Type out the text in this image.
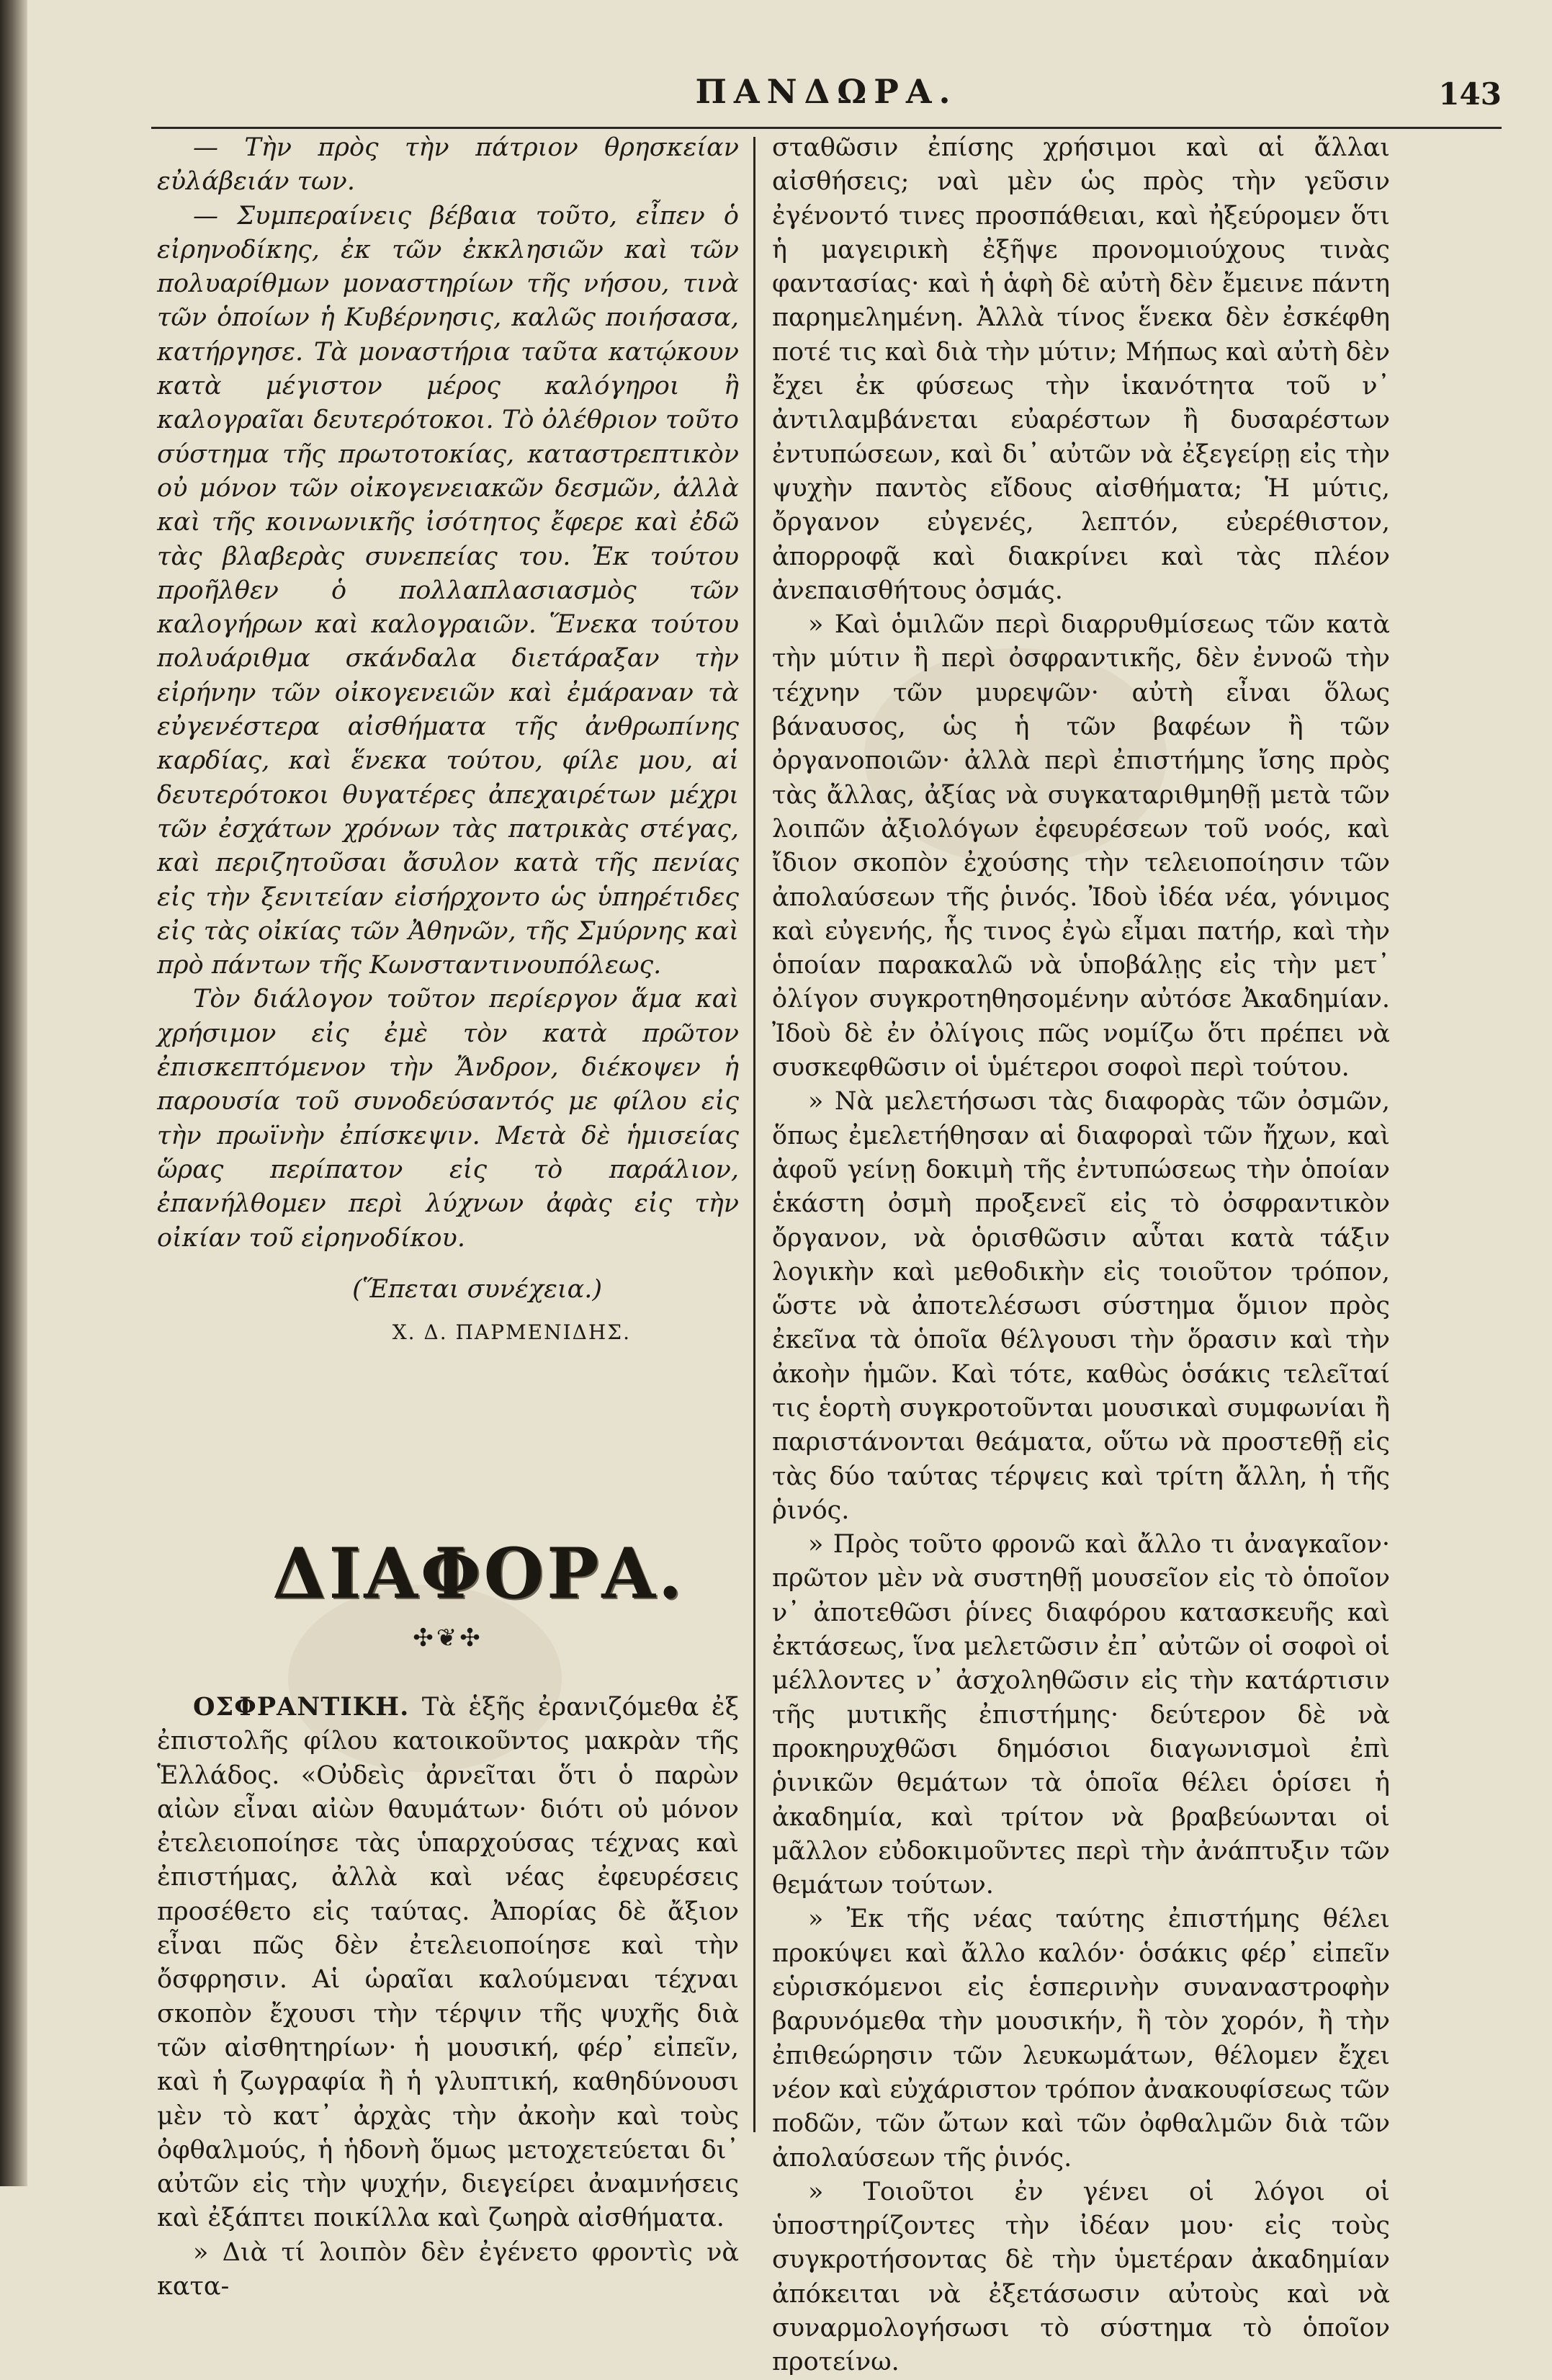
ΠΑΝΔΩΡΑ.	143

— Τὴν πρὸς τὴν πάτριον θρησκείαν εὐλάβειάν των.

— Συμπεραίνεις βέβαια τοῦτο, εἶπεν ὁ εἰρηνοδίκης, ἐκ τῶν ἐκκλησιῶν καὶ τῶν πολυαρίθμων μοναστηρίων τῆς νήσου, τινὰ τῶν ὁποίων ἡ Κυβέρνησις, καλῶς ποιήσασα, κατήργησε. Τὰ μοναστήρια ταῦτα κατῴκουν κατὰ μέγιστον μέρος καλόγηροι ἢ καλογραῖαι δευτερότοκοι. Τὸ ὀλέθριον τοῦτο σύστημα τῆς πρωτοτοκίας, καταστρεπτικὸν οὐ μόνον τῶν οἰκογενειακῶν δεσμῶν, ἀλλὰ καὶ τῆς κοινωνικῆς ἰσότητος ἔφερε καὶ ἐδῶ τὰς βλαβερὰς συνεπείας του. Ἐκ τούτου προῆλθεν ὁ πολλαπλασιασμὸς τῶν καλογήρων καὶ καλογραιῶν. Ἕνεκα τούτου πολυάριθμα σκάνδαλα διετάραξαν τὴν εἰρήνην τῶν οἰκογενειῶν καὶ ἐμάραναν τὰ εὐγενέστερα αἰσθήματα τῆς ἀνθρωπίνης καρδίας, καὶ ἕνεκα τούτου, φίλε μου, αἱ δευτερότοκοι θυγατέρες ἀπεχαιρέτων μέχρι τῶν ἐσχάτων χρόνων τὰς πατρικὰς στέγας, καὶ περιζητοῦσαι ἄσυλον κατὰ τῆς πενίας εἰς τὴν ξενιτείαν εἰσήρχοντο ὡς ὑπηρέτιδες εἰς τὰς οἰκίας τῶν Ἀθηνῶν, τῆς Σμύρνης καὶ πρὸ πάντων τῆς Κωνσταντινουπόλεως.

Τὸν διάλογον τοῦτον περίεργον ἅμα καὶ χρήσιμον εἰς ἐμὲ τὸν κατὰ πρῶτον ἐπισκεπτόμενον τὴν Ἄνδρον, διέκοψεν ἡ παρουσία τοῦ συνοδεύσαντός με φίλου εἰς τὴν πρωϊνὴν ἐπίσκεψιν. Μετὰ δὲ ἡμισείας ὥρας περίπατον εἰς τὸ παράλιον, ἐπανήλθομεν περὶ λύχνων ἀφὰς εἰς τὴν οἰκίαν τοῦ εἰρηνοδίκου.

(Ἕπεται συνέχεια.)

Χ. Δ. ΠΑΡΜΕΝΙΔΗΣ.

ΔΙΑΦΟΡΑ.

✣❦✣

ΟΣΦΡΑΝΤΙΚΗ. Τὰ ἑξῆς ἐρανιζόμεθα ἐξ ἐπιστολῆς φίλου κατοικοῦντος μακρὰν τῆς Ἑλλάδος. «Οὐδεὶς ἀρνεῖται ὅτι ὁ παρὼν αἰὼν εἶναι αἰὼν θαυμάτων· διότι οὐ μόνον ἐτελειοποίησε τὰς ὑπαρχούσας τέχνας καὶ ἐπιστήμας, ἀλλὰ καὶ νέας ἐφευρέσεις προσέθετο εἰς ταύτας. Ἀπορίας δὲ ἄξιον εἶναι πῶς δὲν ἐτελειοποίησε καὶ τὴν ὄσφρησιν. Αἱ ὡραῖαι καλούμεναι τέχναι σκοπὸν ἔχουσι τὴν τέρψιν τῆς ψυχῆς διὰ τῶν αἰσθητηρίων· ἡ μουσική, φέρ᾽ εἰπεῖν, καὶ ἡ ζωγραφία ἢ ἡ γλυπτική, καθηδύνουσι μὲν τὸ κατ᾽ ἀρχὰς τὴν ἀκοὴν καὶ τοὺς ὀφθαλμούς, ἡ ἡδονὴ ὅμως μετοχετεύεται δι᾽ αὐτῶν εἰς τὴν ψυχήν, διεγείρει ἀναμνήσεις καὶ ἐξάπτει ποικίλλα καὶ ζωηρὰ αἰσθήματα.

» Διὰ τί λοιπὸν δὲν ἐγένετο φροντὶς νὰ κατα-

σταθῶσιν ἐπίσης χρήσιμοι καὶ αἱ ἄλλαι αἰσθήσεις; ναὶ μὲν ὡς πρὸς τὴν γεῦσιν ἐγένοντό τινες προσπάθειαι, καὶ ἠξεύρομεν ὅτι ἡ μαγειρικὴ ἐξῆψε προνομιούχους τινὰς φαντασίας· καὶ ἡ ἁφὴ δὲ αὐτὴ δὲν ἔμεινε πάντη παρημελημένη. Ἀλλὰ τίνος ἕνεκα δὲν ἐσκέφθη ποτέ τις καὶ διὰ τὴν μύτιν; Μήπως καὶ αὐτὴ δὲν ἔχει ἐκ φύσεως τὴν ἱκανότητα τοῦ ν᾽ ἀντιλαμβάνεται εὐαρέστων ἢ δυσαρέστων ἐντυπώσεων, καὶ δι᾽ αὐτῶν νὰ ἐξεγείρῃ εἰς τὴν ψυχὴν παντὸς εἴδους αἰσθήματα; Ἡ μύτις, ὄργανον εὐγενές, λεπτόν, εὐερέθιστον, ἀπορροφᾷ καὶ διακρίνει καὶ τὰς πλέον ἀνεπαισθήτους ὀσμάς.

» Καὶ ὁμιλῶν περὶ διαρρυθμίσεως τῶν κατὰ τὴν μύτιν ἢ περὶ ὀσφραντικῆς, δὲν ἐννοῶ τὴν τέχνην τῶν μυρεψῶν· αὐτὴ εἶναι ὅλως βάναυσος, ὡς ἡ τῶν βαφέων ἢ τῶν ὀργανοποιῶν· ἀλλὰ περὶ ἐπιστήμης ἴσης πρὸς τὰς ἄλλας, ἀξίας νὰ συγκαταριθμηθῇ μετὰ τῶν λοιπῶν ἀξιολόγων ἐφευρέσεων τοῦ νοός, καὶ ἴδιον σκοπὸν ἐχούσης τὴν τελειοποίησιν τῶν ἀπολαύσεων τῆς ῥινός. Ἰδοὺ ἰδέα νέα, γόνιμος καὶ εὐγενής, ἧς τινος ἐγὼ εἶμαι πατήρ, καὶ τὴν ὁποίαν παρακαλῶ νὰ ὑποβάλῃς εἰς τὴν μετ᾽ ὀλίγον συγκροτηθησομένην αὐτόσε Ἀκαδημίαν. Ἰδοὺ δὲ ἐν ὀλίγοις πῶς νομίζω ὅτι πρέπει νὰ συσκεφθῶσιν οἱ ὑμέτεροι σοφοὶ περὶ τούτου.

» Νὰ μελετήσωσι τὰς διαφορὰς τῶν ὀσμῶν, ὅπως ἐμελετήθησαν αἱ διαφοραὶ τῶν ἤχων, καὶ ἀφοῦ γείνῃ δοκιμὴ τῆς ἐντυπώσεως τὴν ὁποίαν ἑκάστη ὀσμὴ προξενεῖ εἰς τὸ ὀσφραντικὸν ὄργανον, νὰ ὁρισθῶσιν αὗται κατὰ τάξιν λογικὴν καὶ μεθοδικὴν εἰς τοιοῦτον τρόπον, ὥστε νὰ ἀποτελέσωσι σύστημα ὅμιον πρὸς ἐκεῖνα τὰ ὁποῖα θέλγουσι τὴν ὅρασιν καὶ τὴν ἀκοὴν ἡμῶν. Καὶ τότε, καθὼς ὁσάκις τελεῖταί τις ἑορτὴ συγκροτοῦνται μουσικαὶ συμφωνίαι ἢ παριστάνονται θεάματα, οὕτω νὰ προστεθῇ εἰς τὰς δύο ταύτας τέρψεις καὶ τρίτη ἄλλη, ἡ τῆς ῥινός.

» Πρὸς τοῦτο φρονῶ καὶ ἄλλο τι ἀναγκαῖον· πρῶτον μὲν νὰ συστηθῇ μουσεῖον εἰς τὸ ὁποῖον ν᾽ ἀποτεθῶσι ῥίνες διαφόρου κατασκευῆς καὶ ἐκτάσεως, ἵνα μελετῶσιν ἐπ᾽ αὐτῶν οἱ σοφοὶ οἱ μέλλοντες ν᾽ ἀσχοληθῶσιν εἰς τὴν κατάρτισιν τῆς μυτικῆς ἐπιστήμης· δεύτερον δὲ νὰ προκηρυχθῶσι δημόσιοι διαγωνισμοὶ ἐπὶ ῥινικῶν θεμάτων τὰ ὁποῖα θέλει ὁρίσει ἡ ἀκαδημία, καὶ τρίτον νὰ βραβεύωνται οἱ μᾶλλον εὐδοκιμοῦντες περὶ τὴν ἀνάπτυξιν τῶν θεμάτων τούτων.

» Ἐκ τῆς νέας ταύτης ἐπιστήμης θέλει προκύψει καὶ ἄλλο καλόν· ὁσάκις φέρ᾽ εἰπεῖν εὑρισκόμενοι εἰς ἑσπερινὴν συναναστροφὴν βαρυνόμεθα τὴν μουσικήν, ἢ τὸν χορόν, ἢ τὴν ἐπιθεώρησιν τῶν λευκωμάτων, θέλομεν ἔχει νέον καὶ εὐχάριστον τρόπον ἀνακουφίσεως τῶν ποδῶν, τῶν ὤτων καὶ τῶν ὀφθαλμῶν διὰ τῶν ἀπολαύσεων τῆς ῥινός.

» Τοιοῦτοι ἐν γένει οἱ λόγοι οἱ ὑποστηρίζοντες τὴν ἰδέαν μου· εἰς τοὺς συγκροτήσοντας δὲ τὴν ὑμετέραν ἀκαδημίαν ἀπόκειται νὰ ἐξετάσωσιν αὐτοὺς καὶ νὰ συναρμολογήσωσι τὸ σύστημα τὸ ὁποῖον προτείνω.
